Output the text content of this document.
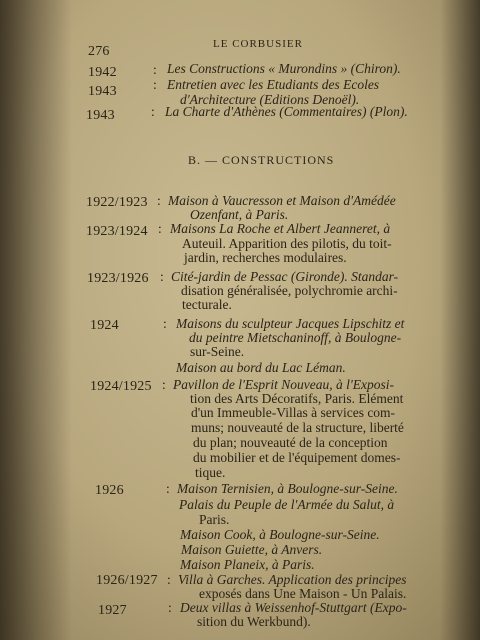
276	LE CORBUSIER
1942	: Les Constructions « Murondins » (Chiron).
1943	: Entretien avec les Etudiants des Ecoles
d'Architecture (Editions Denoël).
1943	: La Charte d'Athènes (Commentaires) (Plon).
B. — CONSTRUCTIONS
1922/1923 : Maison à Vaucresson et Maison d'Amédée
Ozenfant, à Paris.
1923/1924 : Maisons La Roche et Albert Jeanneret, à
Auteuil. Apparition des pilotis, du toit-
jardin, recherches modulaires.
1923/1926 : Cité-jardin de Pessac (Gironde). Standar-
disation généralisée, polychromie archi-
tecturale.
1924	: Maisons du sculpteur Jacques Lipschitz et
du peintre Mietschaninoff, à Boulogne-
sur-Seine.
Maison au bord du Lac Léman.
1924/1925 : Pavillon de l'Esprit Nouveau, à l'Exposi-
tion des Arts Décoratifs, Paris. Elément
d'un Immeuble-Villas à services com-
muns; nouveauté de la structure, liberté
du plan; nouveauté de la conception
du mobilier et de l'équipement domes-
tique.
1926	: Maison Ternisien, à Boulogne-sur-Seine.
Palais du Peuple de l'Armée du Salut, à
Paris.
Maison Cook, à Boulogne-sur-Seine.
Maison Guiette, à Anvers.
Maison Planeix, à Paris.
1926/1927 : Villa à Garches. Application des principes
exposés dans Une Maison - Un Palais.
1927	: Deux villas à Weissenhof-Stuttgart (Expo-
sition du Werkbund).
